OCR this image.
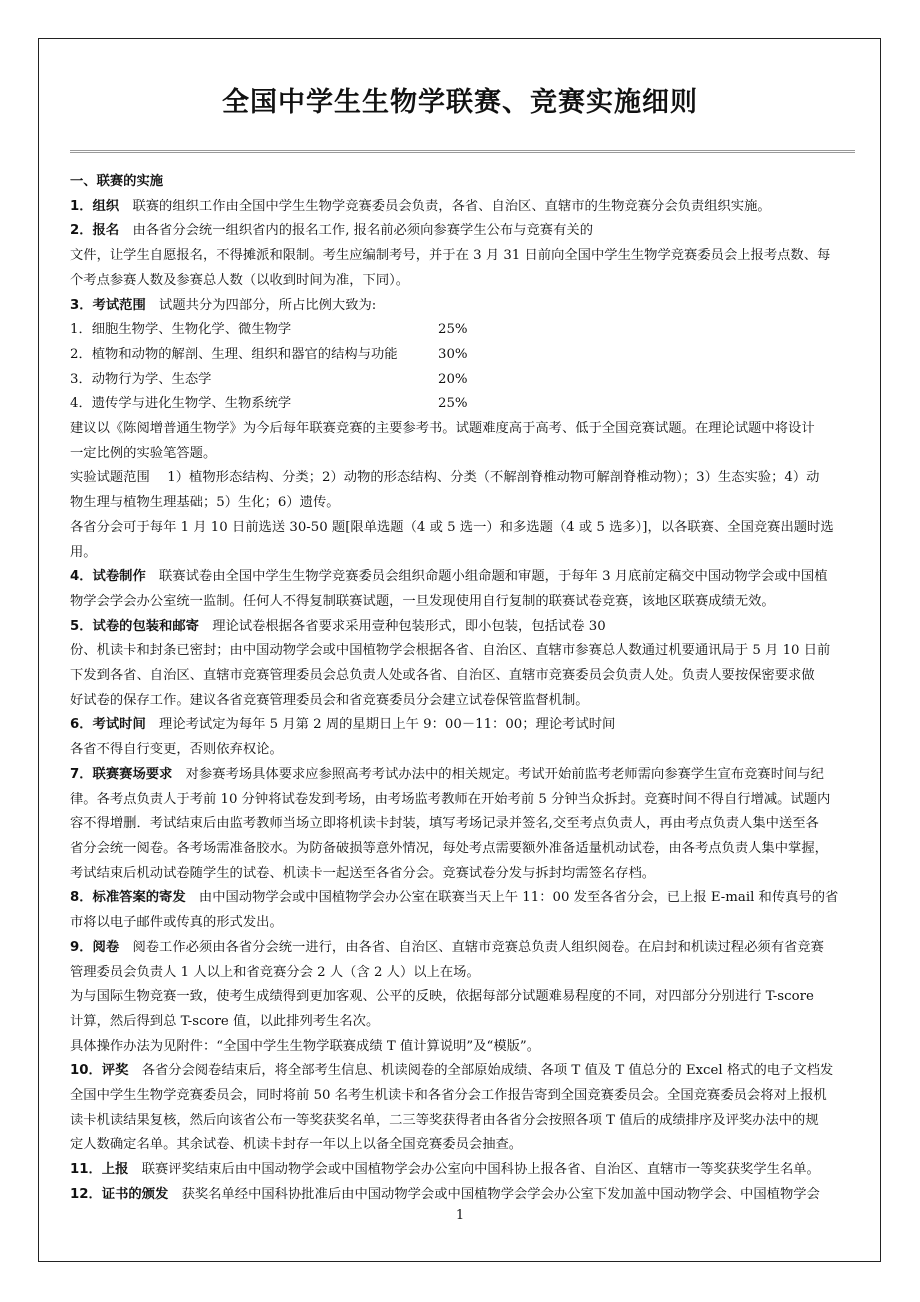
全国中学生生物学联赛、竞赛实施细则

一、联赛的实施

1．组织　联赛的组织工作由全国中学生生物学竞赛委员会负责，各省、自治区、直辖市的生物竞赛分会负责组织实施。

2．报名　由各省分会统一组织省内的报名工作, 报名前必须向参赛学生公布与竞赛有关的

文件，让学生自愿报名，不得摊派和限制。考生应编制考号，并于在 3 月 31 日前向全国中学生生物学竞赛委员会上报考点数、每

个考点参赛人数及参赛总人数（以收到时间为准，下同）。

3．考试范围　试题共分为四部分，所占比例大致为:

1．细胞生物学、生物化学、微生物学	25%
2．植物和动物的解剖、生理、组织和器官的结构与功能	30%
3．动物行为学、生态学	20%
4．遗传学与进化生物学、生物系统学	25%

建议以《陈阅增普通生物学》为今后每年联赛竞赛的主要参考书。试题难度高于高考、低于全国竞赛试题。在理论试题中将设计

一定比例的实验笔答题。

实验试题范围　 1）植物形态结构、分类；2）动物的形态结构、分类（不解剖脊椎动物可解剖脊椎动物）；3）生态实验；4）动

物生理与植物生理基础；5）生化；6）遗传。

各省分会可于每年 1 月 10 日前选送 30-50 题[限单选题（4 或 5 选一）和多选题（4 或 5 选多）]，以各联赛、全国竞赛出题时选

用。

4．试卷制作　联赛试卷由全国中学生生物学竞赛委员会组织命题小组命题和审题，于每年 3 月底前定稿交中国动物学会或中国植

物学会学会办公室统一监制。任何人不得复制联赛试题，一旦发现使用自行复制的联赛试卷竞赛，该地区联赛成绩无效。

5．试卷的包装和邮寄　理论试卷根据各省要求采用壹种包装形式，即小包装，包括试卷 30

份、机读卡和封条已密封；由中国动物学会或中国植物学会根据各省、自治区、直辖市参赛总人数通过机要通讯局于 5 月 10 日前

下发到各省、自治区、直辖市竞赛管理委员会总负责人处或各省、自治区、直辖市竞赛委员会负责人处。负责人要按保密要求做

好试卷的保存工作。建议各省竞赛管理委员会和省竞赛委员分会建立试卷保管监督机制。

6．考试时间　理论考试定为每年 5 月第 2 周的星期日上午 9：00－11：00；理论考试时间

各省不得自行变更，否则依弃权论。

7．联赛赛场要求　对参赛考场具体要求应参照高考考试办法中的相关规定。考试开始前监考老师需向参赛学生宣布竞赛时间与纪

律。各考点负责人于考前 10 分钟将试卷发到考场，由考场监考教师在开始考前 5 分钟当众拆封。竞赛时间不得自行增减。试题内

容不得增删．考试结束后由监考教师当场立即将机读卡封装，填写考场记录并签名,交至考点负责人，再由考点负责人集中送至各

省分会统一阅卷。各考场需准备胶水。为防备破损等意外情况，每处考点需要额外准备适量机动试卷，由各考点负责人集中掌握，

考试结束后机动试卷随学生的试卷、机读卡一起送至各省分会。竞赛试卷分发与拆封均需签名存档。

8．标准答案的寄发　由中国动物学会或中国植物学会办公室在联赛当天上午 11：00 发至各省分会，已上报 E-mail 和传真号的省

市将以电子邮件或传真的形式发出。

9．阅卷　阅卷工作必须由各省分会统一进行，由各省、自治区、直辖市竞赛总负责人组织阅卷。在启封和机读过程必须有省竞赛

管理委员会负责人 1 人以上和省竞赛分会 2 人（含 2 人）以上在场。

为与国际生物竞赛一致，使考生成绩得到更加客观、公平的反映，依据每部分试题难易程度的不同，对四部分分别进行 T-score

计算，然后得到总 T-score 值，以此排列考生名次。

具体操作办法为见附件：“全国中学生生物学联赛成绩 T 值计算说明”及“模版”。

10．评奖　各省分会阅卷结束后，将全部考生信息、机读阅卷的全部原始成绩、各项 T 值及 T 值总分的 Excel 格式的电子文档发

全国中学生生物学竞赛委员会，同时将前 50 名考生机读卡和各省分会工作报告寄到全国竞赛委员会。全国竞赛委员会将对上报机

读卡机读结果复核，然后向该省公布一等奖获奖名单，二三等奖获得者由各省分会按照各项 T 值后的成绩排序及评奖办法中的规

定人数确定名单。其余试卷、机读卡封存一年以上以备全国竞赛委员会抽查。

11．上报　联赛评奖结束后由中国动物学会或中国植物学会办公室向中国科协上报各省、自治区、直辖市一等奖获奖学生名单。

12．证书的颁发　获奖名单经中国科协批准后由中国动物学会或中国植物学会学会办公室下发加盖中国动物学会、中国植物学会

1
